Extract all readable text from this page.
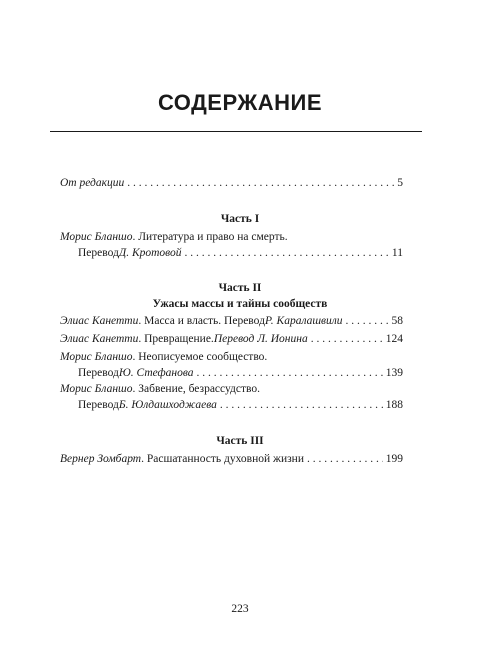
СОДЕРЖАНИЕ
От редакции . . .	5
Часть I
Морис Бланшо. Литература и право на смерть.
Перевод Д. Кротовой . . .	11
Часть II
Ужасы массы и тайны сообществ
Элиас Канетти . Масса и власть. Перевод Р. Каралашвили . . .	58
Элиас Канетти . Превращение. Перевод Л. Ионина . . .	124
Морис Бланшо. Неописуемое сообщество.
Перевод Ю. Стефанова . . .	139
Морис Бланшо. Забвение, безрассудство.
Перевод Б. Юлдашходжаева . . .	188
Часть III
Вернер Зомбарт . Расшатанность духовной жизни . . .	199
223
